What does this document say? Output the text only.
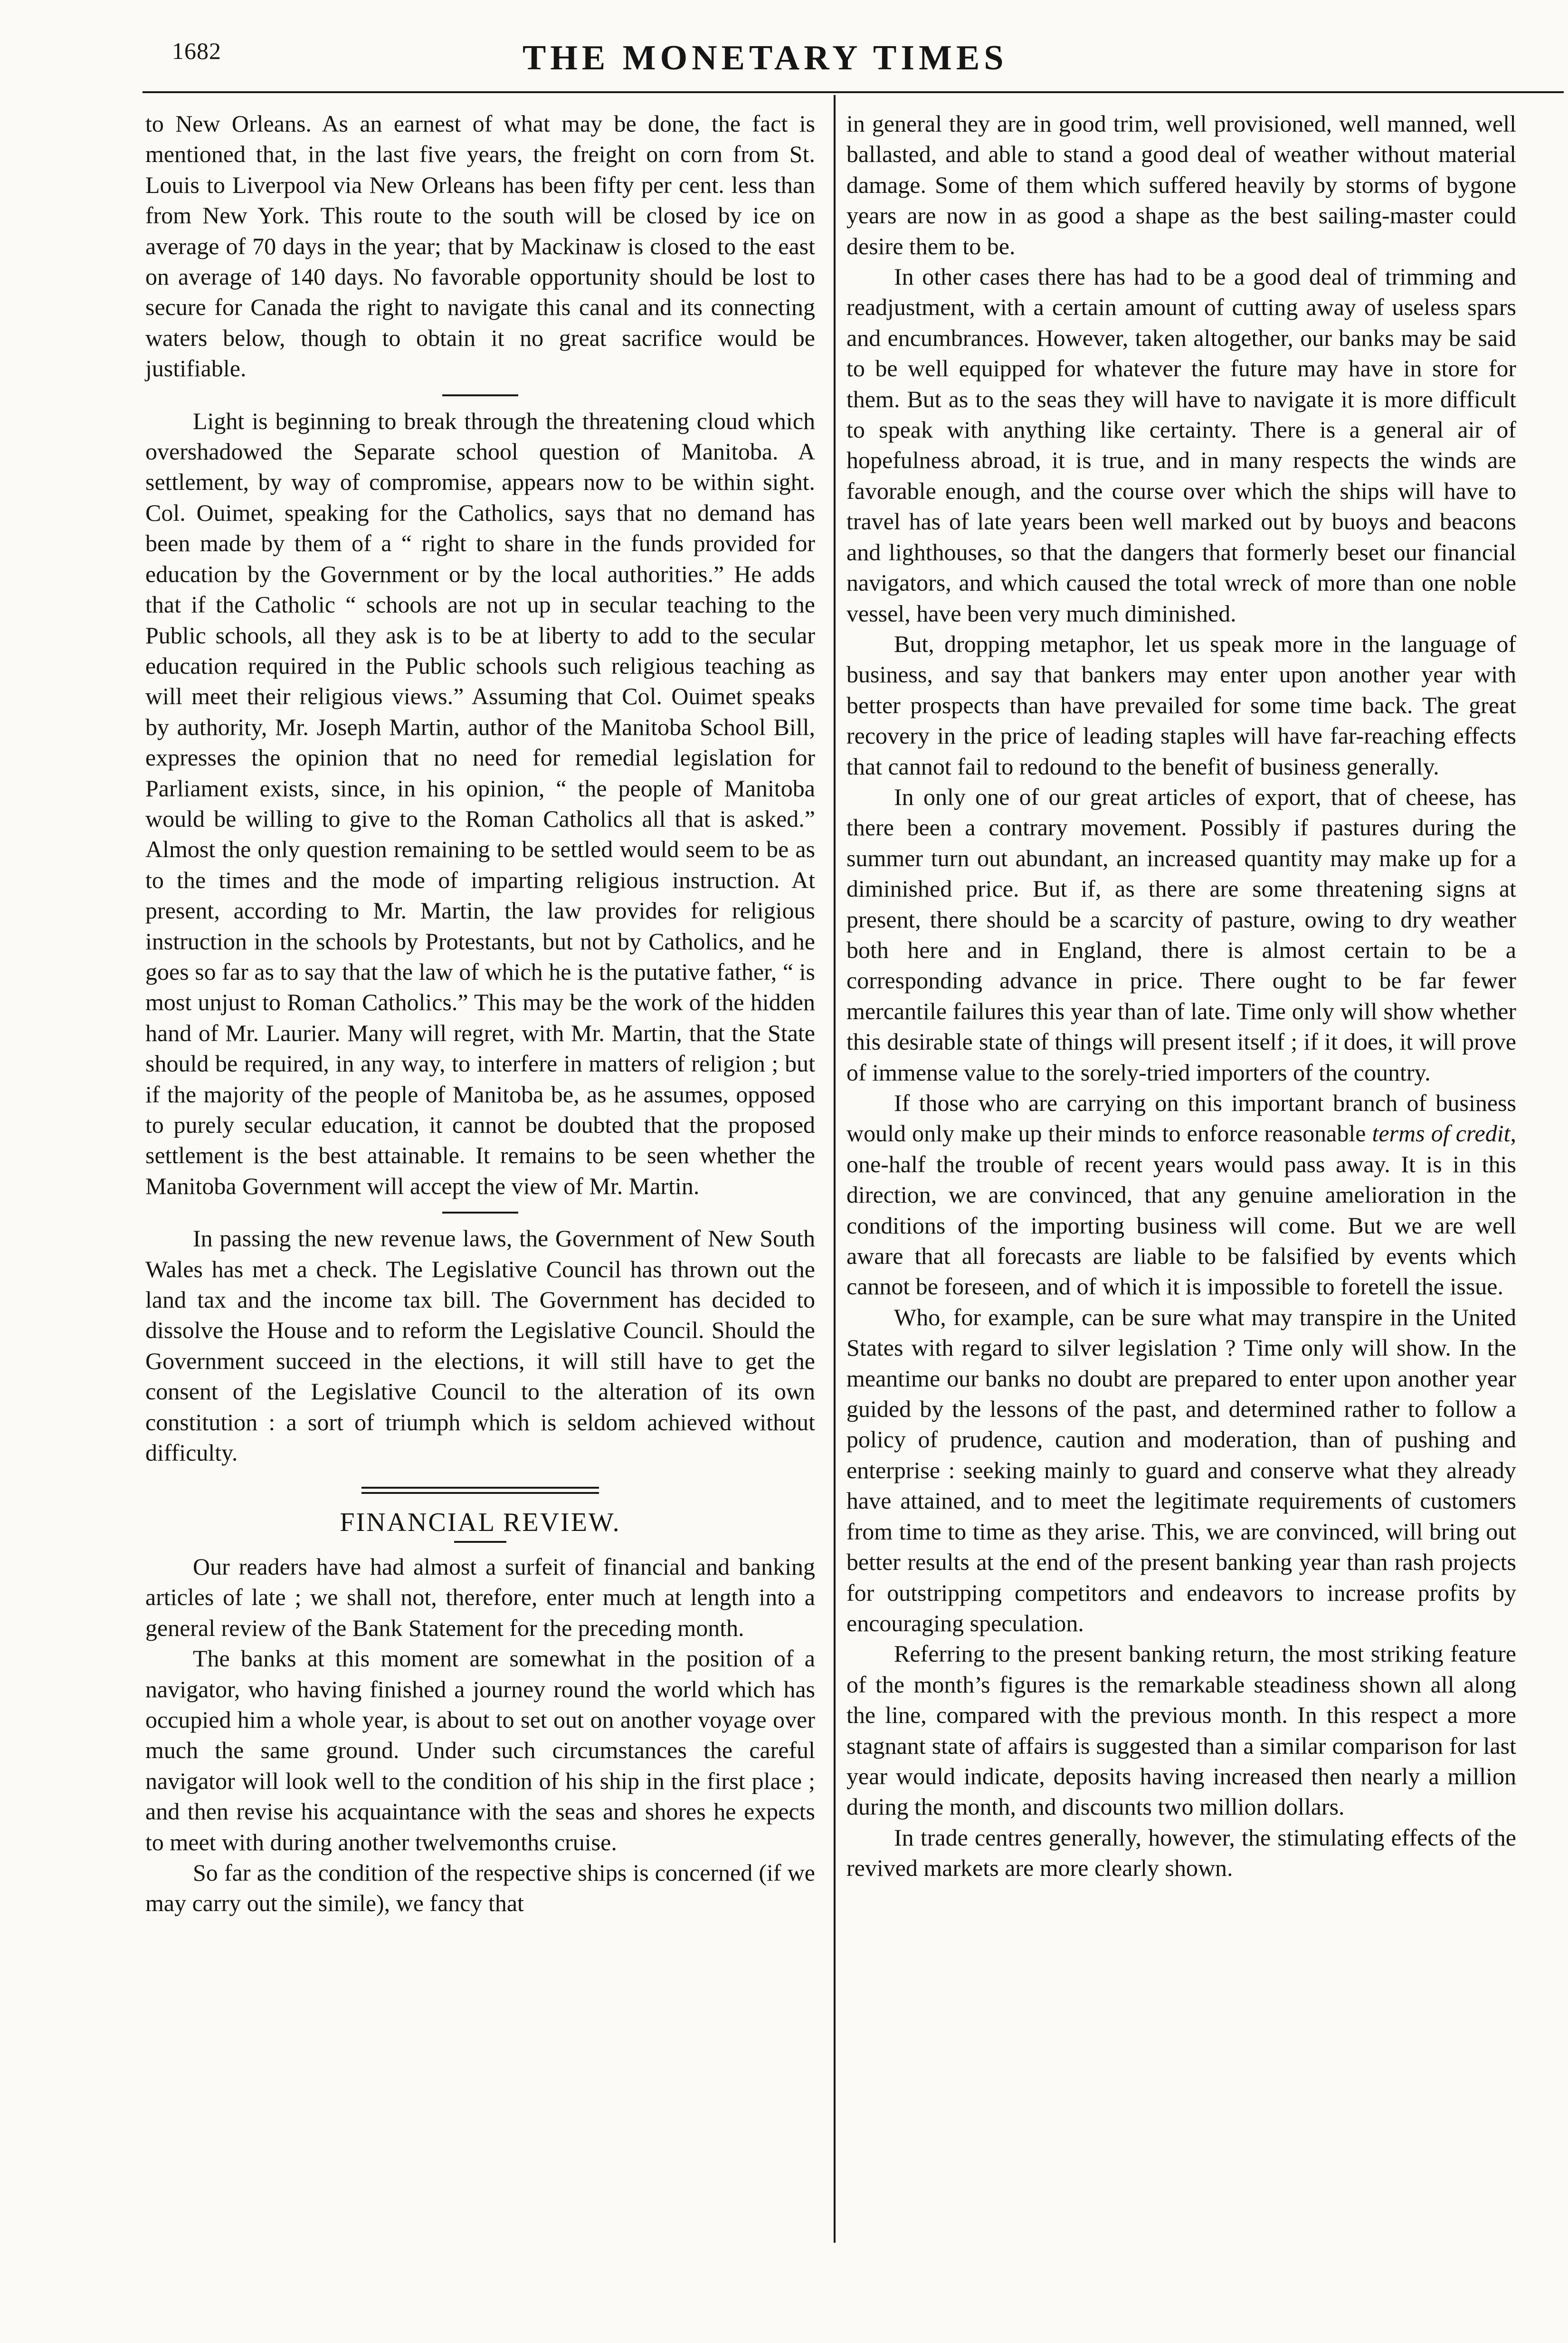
1682	THE MONETARY TIMES

to New Orleans. As an earnest of what may be done, the fact is mentioned that, in the last five years, the freight on corn from St. Louis to Liverpool via New Orleans has been fifty per cent. less than from New York. This route to the south will be closed by ice on average of 70 days in the year; that by Mackinaw is closed to the east on average of 140 days. No favorable opportunity should be lost to secure for Canada the right to navigate this canal and its connecting waters below, though to obtain it no great sacrifice would be justifiable.

Light is beginning to break through the threatening cloud which overshadowed the Separate school question of Manitoba. A settlement, by way of compromise, appears now to be within sight. Col. Ouimet, speaking for the Catholics, says that no demand has been made by them of a “ right to share in the funds provided for education by the Government or by the local authorities.” He adds that if the Catholic “ schools are not up in secular teaching to the Public schools, all they ask is to be at liberty to add to the secular education required in the Public schools such religious teaching as will meet their religious views.” Assuming that Col. Ouimet speaks by authority, Mr. Joseph Martin, author of the Manitoba School Bill, expresses the opinion that no need for remedial legislation for Parliament exists, since, in his opinion, “ the people of Manitoba would be willing to give to the Roman Catholics all that is asked.” Almost the only question remaining to be settled would seem to be as to the times and the mode of imparting religious instruction. At present, according to Mr. Martin, the law provides for religious instruction in the schools by Protestants, but not by Catholics, and he goes so far as to say that the law of which he is the putative father, “ is most unjust to Roman Catholics.” This may be the work of the hidden hand of Mr. Laurier. Many will regret, with Mr. Martin, that the State should be required, in any way, to interfere in matters of religion ; but if the majority of the people of Manitoba be, as he assumes, opposed to purely secular education, it cannot be doubted that the proposed settlement is the best attainable. It remains to be seen whether the Manitoba Government will accept the view of Mr. Martin.

In passing the new revenue laws, the Government of New South Wales has met a check. The Legislative Council has thrown out the land tax and the income tax bill. The Government has decided to dissolve the House and to reform the Legislative Council. Should the Government succeed in the elections, it will still have to get the consent of the Legislative Council to the alteration of its own constitution : a sort of triumph which is seldom achieved without difficulty.

FINANCIAL REVIEW.

Our readers have had almost a surfeit of financial and banking articles of late ; we shall not, therefore, enter much at length into a general review of the Bank Statement for the preceding month.

The banks at this moment are somewhat in the position of a navigator, who having finished a journey round the world which has occupied him a whole year, is about to set out on another voyage over much the same ground. Under such circumstances the careful navigator will look well to the condition of his ship in the first place ; and then revise his acquaintance with the seas and shores he expects to meet with during another twelvemonths cruise.

So far as the condition of the respective ships is concerned (if we may carry out the simile), we fancy that

in general they are in good trim, well provisioned, well manned, well ballasted, and able to stand a good deal of weather without material damage. Some of them which suffered heavily by storms of bygone years are now in as good a shape as the best sailing-master could desire them to be.

In other cases there has had to be a good deal of trimming and readjustment, with a certain amount of cutting away of useless spars and encumbrances. However, taken altogether, our banks may be said to be well equipped for whatever the future may have in store for them. But as to the seas they will have to navigate it is more difficult to speak with anything like certainty. There is a general air of hopefulness abroad, it is true, and in many respects the winds are favorable enough, and the course over which the ships will have to travel has of late years been well marked out by buoys and beacons and lighthouses, so that the dangers that formerly beset our financial navigators, and which caused the total wreck of more than one noble vessel, have been very much diminished.

But, dropping metaphor, let us speak more in the language of business, and say that bankers may enter upon another year with better prospects than have prevailed for some time back. The great recovery in the price of leading staples will have far-reaching effects that cannot fail to redound to the benefit of business generally.

In only one of our great articles of export, that of cheese, has there been a contrary movement. Possibly if pastures during the summer turn out abundant, an increased quantity may make up for a diminished price. But if, as there are some threatening signs at present, there should be a scarcity of pasture, owing to dry weather both here and in England, there is almost certain to be a corresponding advance in price. There ought to be far fewer mercantile failures this year than of late. Time only will show whether this desirable state of things will present itself ; if it does, it will prove of immense value to the sorely-tried importers of the country.

If those who are carrying on this important branch of business would only make up their minds to enforce reasonable terms of credit, one-half the trouble of recent years would pass away. It is in this direction, we are convinced, that any genuine amelioration in the conditions of the importing business will come. But we are well aware that all forecasts are liable to be falsified by events which cannot be foreseen, and of which it is impossible to foretell the issue.

Who, for example, can be sure what may transpire in the United States with regard to silver legislation ? Time only will show. In the meantime our banks no doubt are prepared to enter upon another year guided by the lessons of the past, and determined rather to follow a policy of prudence, caution and moderation, than of pushing and enterprise : seeking mainly to guard and conserve what they already have attained, and to meet the legitimate requirements of customers from time to time as they arise. This, we are convinced, will bring out better results at the end of the present banking year than rash projects for outstripping competitors and endeavors to increase profits by encouraging speculation.

Referring to the present banking return, the most striking feature of the month’s figures is the remarkable steadiness shown all along the line, compared with the previous month. In this respect a more stagnant state of affairs is suggested than a similar comparison for last year would indicate, deposits having increased then nearly a million during the month, and discounts two million dollars.

In trade centres generally, however, the stimulating effects of the revived markets are more clearly shown.
